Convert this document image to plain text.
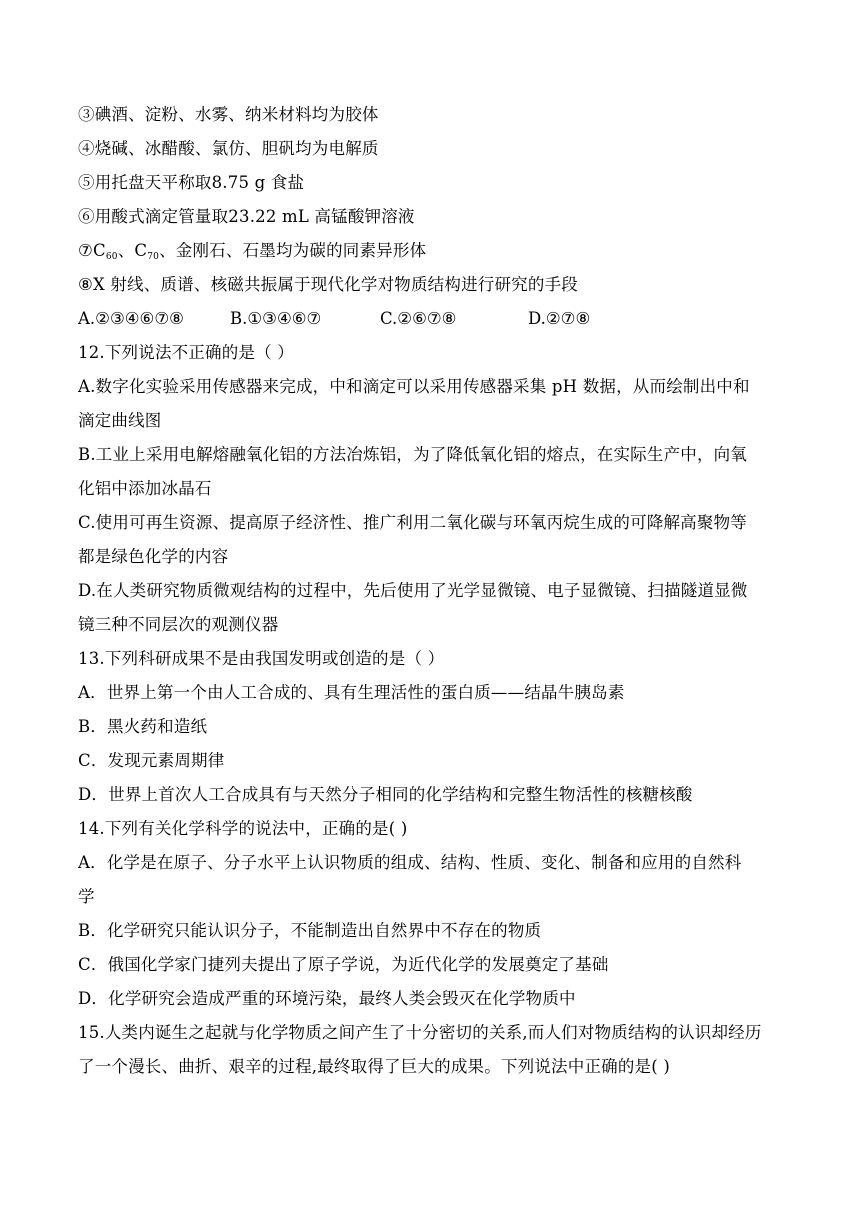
③碘酒、淀粉、水雾、纳米材料均为胶体
④烧碱、冰醋酸、氯仿、胆矾均为电解质
⑤用托盘天平称取8.75 g 食盐
⑥用酸式滴定管量取23.22 mL 高锰酸钾溶液
$⑦C_{60}$、$C_{70}$、金刚石、石墨均为碳的同素异形体
⑧X 射线、质谱、核磁共振属于现代化学对物质结构进行研究的手段
A.②③④⑥⑦⑧	B.①③④⑥⑦	C.②⑥⑦⑧	D.②⑦⑧
12.下列说法不正确的是（ ）
A.数字化实验采用传感器来完成，中和滴定可以采用传感器采集 pH 数据，从而绘制出中和
滴定曲线图
B.工业上采用电解熔融氧化铝的方法冶炼铝，为了降低氧化铝的熔点，在实际生产中，向氧
化铝中添加冰晶石
C.使用可再生资源、提高原子经济性、推广利用二氧化碳与环氧丙烷生成的可降解高聚物等
都是绿色化学的内容
D.在人类研究物质微观结构的过程中，先后使用了光学显微镜、电子显微镜、扫描隧道显微
镜三种不同层次的观测仪器
13.下列科研成果不是由我国发明或创造的是（ ）
A．世界上第一个由人工合成的、具有生理活性的蛋白质——结晶牛胰岛素
B．黑火药和造纸
C．发现元素周期律
D．世界上首次人工合成具有与天然分子相同的化学结构和完整生物活性的核糖核酸
14.下列有关化学科学的说法中，正确的是( )
A．化学是在原子、分子水平上认识物质的组成、结构、性质、变化、制备和应用的自然科
学
B．化学研究只能认识分子，不能制造出自然界中不存在的物质
C．俄国化学家门捷列夫提出了原子学说，为近代化学的发展奠定了基础
D．化学研究会造成严重的环境污染，最终人类会毁灭在化学物质中
15.人类内诞生之起就与化学物质之间产生了十分密切的关系,而人们对物质结构的认识却经历
了一个漫长、曲折、艰辛的过程,最终取得了巨大的成果。下列说法中正确的是( )
